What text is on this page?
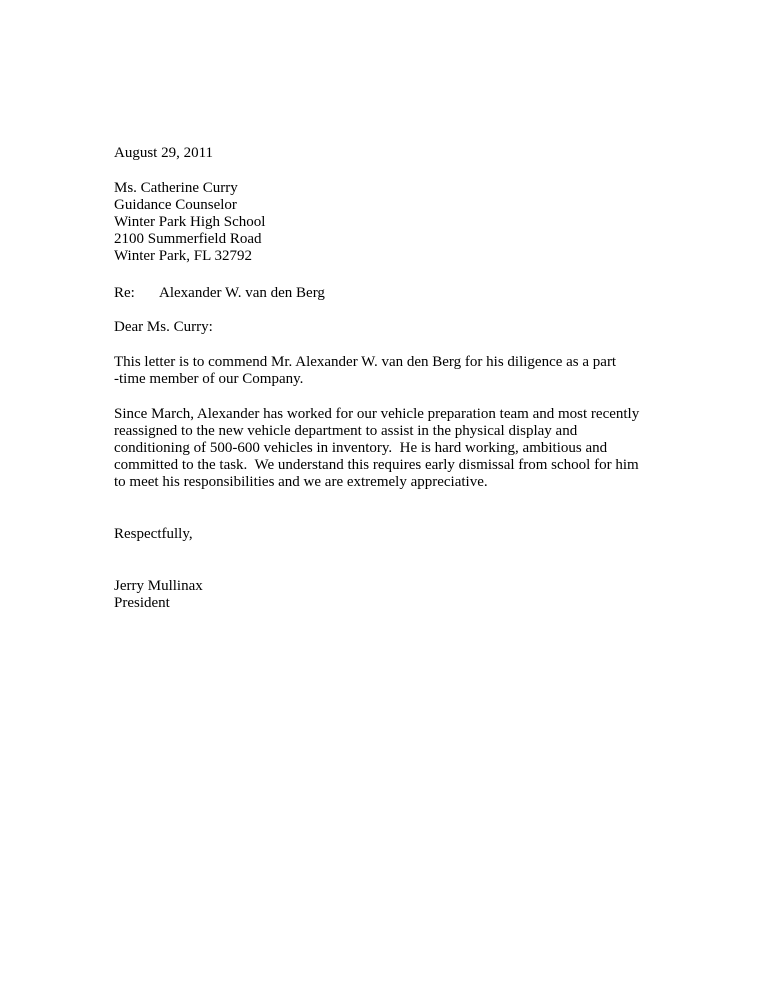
August 29, 2011
Ms. Catherine Curry
Guidance Counselor
Winter Park High School
2100 Summerfield Road
Winter Park, FL 32792
Re: Alexander W. van den Berg
Dear Ms. Curry:
This letter is to commend Mr. Alexander W. van den Berg for his diligence as a part
-time member of our Company.
Since March, Alexander has worked for our vehicle preparation team and most recently
reassigned to the new vehicle department to assist in the physical display and
conditioning of 500-600 vehicles in inventory.  He is hard working, ambitious and
committed to the task.  We understand this requires early dismissal from school for him
to meet his responsibilities and we are extremely appreciative.
Respectfully,
Jerry Mullinax
President
